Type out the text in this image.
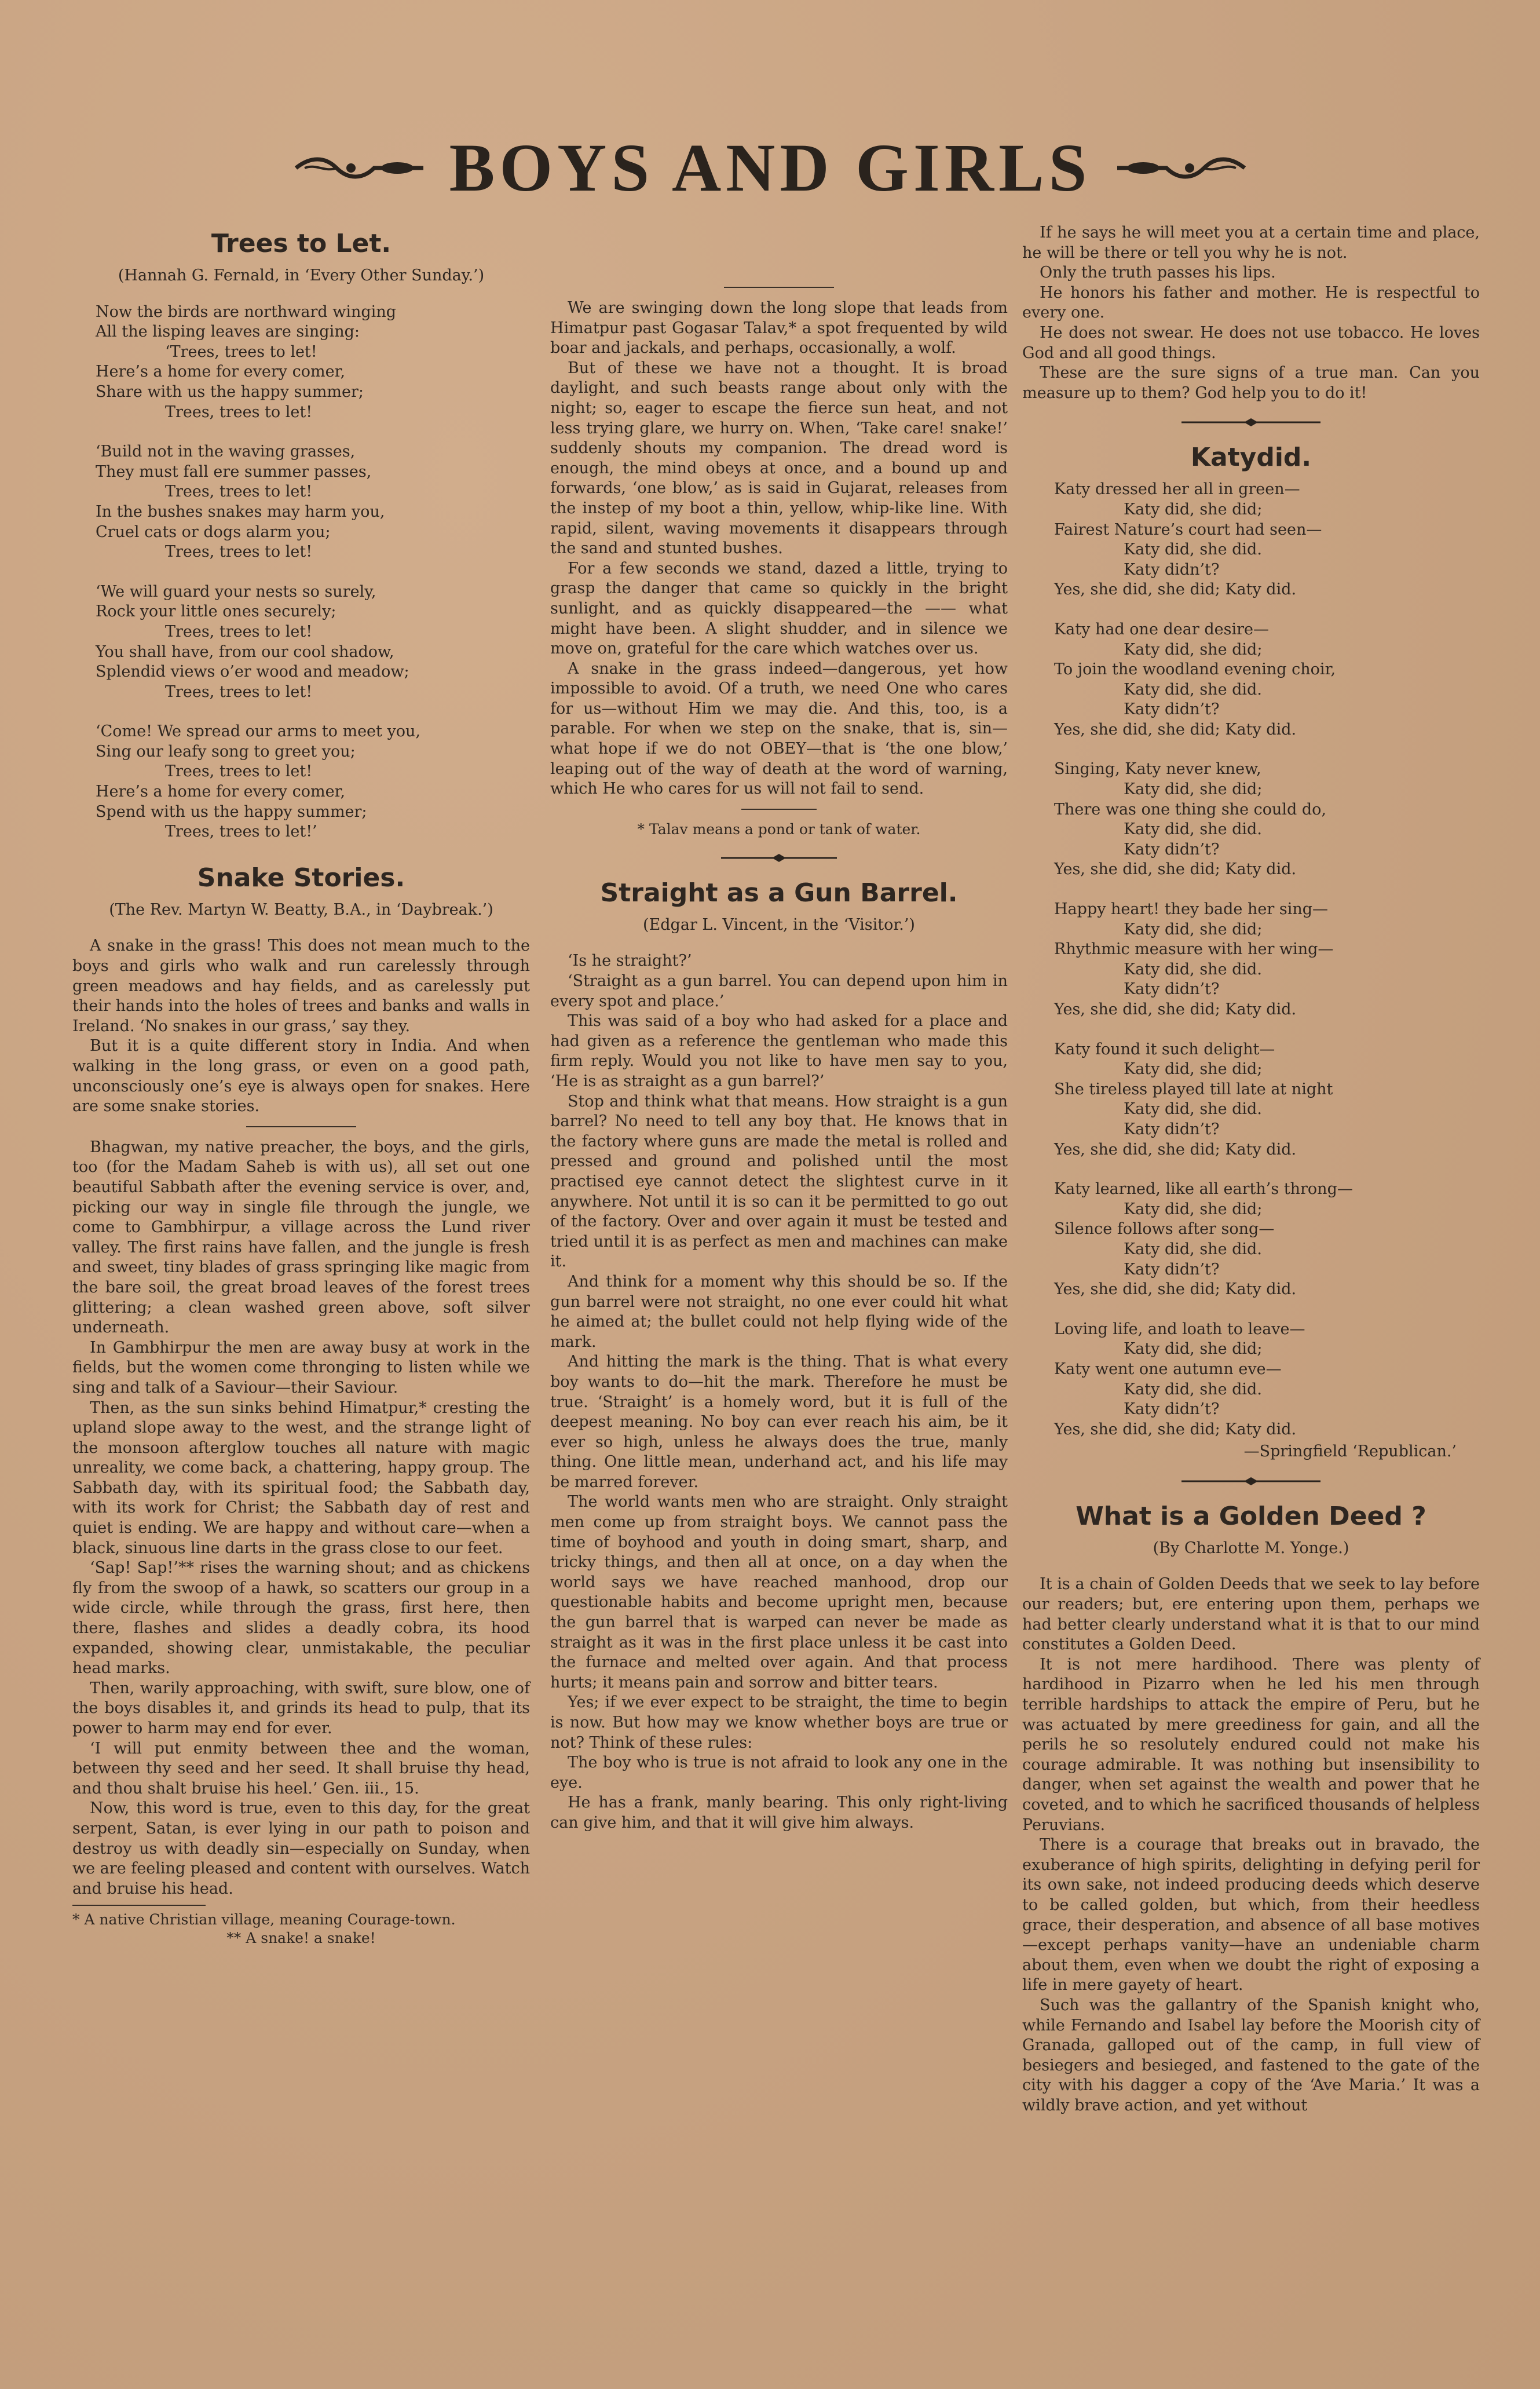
BOYS AND GIRLS
Trees to Let.
(Hannah G. Fernald, in ‘Every Other Sunday.’)
Now the birds are northward winging
All the lisping leaves are singing:
‘Trees, trees to let!
Here’s a home for every comer,
Share with us the happy summer;
Trees, trees to let!
‘Build not in the waving grasses,
They must fall ere summer passes,
Trees, trees to let!
In the bushes snakes may harm you,
Cruel cats or dogs alarm you;
Trees, trees to let!
‘We will guard your nests so surely,
Rock your little ones securely;
Trees, trees to let!
You shall have, from our cool shadow,
Splendid views o’er wood and meadow;
Trees, trees to let!
‘Come! We spread our arms to meet you,
Sing our leafy song to greet you;
Trees, trees to let!
Here’s a home for every comer,
Spend with us the happy summer;
Trees, trees to let!’
Snake Stories.
(The Rev. Martyn W. Beatty, B.A., in ‘Daybreak.’)

A snake in the grass! This does not mean much to the boys and girls who walk and run carelessly through green meadows and hay fields, and as carelessly put their hands into the holes of trees and banks and walls in Ireland. ‘No snakes in our grass,’ say they.

But it is a quite different story in India. And when walking in the long grass, or even on a good path, unconsciously one’s eye is always open for snakes. Here are some snake stories.

Bhagwan, my native preacher, the boys, and the girls, too (for the Madam Saheb is with us), all set out one beautiful Sabbath after the evening service is over, and, picking our way in single file through the jungle, we come to Gambhirpur, a village across the Lund river valley. The first rains have fallen, and the jungle is fresh and sweet, tiny blades of grass springing like magic from the bare soil, the great broad leaves of the forest trees glittering; a clean washed green above, soft silver underneath.

In Gambhirpur the men are away busy at work in the fields, but the women come thronging to listen while we sing and talk of a Saviour—their Saviour.

Then, as the sun sinks behind Himatpur,* cresting the upland slope away to the west, and the strange light of the monsoon afterglow touches all nature with magic unreality, we come back, a chattering, happy group. The Sabbath day, with its spiritual food; the Sabbath day, with its work for Christ; the Sabbath day of rest and quiet is ending. We are happy and without care—when a black, sinuous line darts in the grass close to our feet.

‘Sap! Sap!’** rises the warning shout; and as chickens fly from the swoop of a hawk, so scatters our group in a wide circle, while through the grass, first here, then there, flashes and slides a deadly cobra, its hood expanded, showing clear, unmistakable, the peculiar head marks.

Then, warily approaching, with swift, sure blow, one of the boys disables it, and grinds its head to pulp, that its power to harm may end for ever.

‘I will put enmity between thee and the woman, between thy seed and her seed. It shall bruise thy head, and thou shalt bruise his heel.’ Gen. iii., 15.

Now, this word is true, even to this day, for the great serpent, Satan, is ever lying in our path to poison and destroy us with deadly sin—especially on Sunday, when we are feeling pleased and content with ourselves. Watch and bruise his head.

* A native Christian village, meaning Courage-town.
** A snake! a snake!

We are swinging down the long slope that leads from Himatpur past Gogasar Talav,* a spot frequented by wild boar and jackals, and perhaps, occasionally, a wolf.

But of these we have not a thought. It is broad daylight, and such beasts range about only with the night; so, eager to escape the fierce sun heat, and not less trying glare, we hurry on. When, ‘Take care! snake!’ suddenly shouts my companion. The dread word is enough, the mind obeys at once, and a bound up and forwards, ‘one blow,’ as is said in Gujarat, releases from the instep of my boot a thin, yellow, whip-like line. With rapid, silent, waving movements it disappears through the sand and stunted bushes.

For a few seconds we stand, dazed a little, trying to grasp the danger that came so quickly in the bright sunlight, and as quickly disappeared—the —— what might have been. A slight shudder, and in silence we move on, grateful for the care which watches over us.

A snake in the grass indeed—dangerous, yet how impossible to avoid. Of a truth, we need One who cares for us—without Him we may die. And this, too, is a parable. For when we step on the snake, that is, sin—what hope if we do not OBEY—that is ‘the one blow,’ leaping out of the way of death at the word of warning, which He who cares for us will not fail to send.

* Talav means a pond or tank of water.
Straight as a Gun Barrel.
(Edgar L. Vincent, in the ‘Visitor.’)

‘Is he straight?’

‘Straight as a gun barrel. You can depend upon him in every spot and place.’

This was said of a boy who had asked for a place and had given as a reference the gentleman who made this firm reply. Would you not like to have men say to you, ‘He is as straight as a gun barrel?’

Stop and think what that means. How straight is a gun barrel? No need to tell any boy that. He knows that in the factory where guns are made the metal is rolled and pressed and ground and polished until the most practised eye cannot detect the slightest curve in it anywhere. Not until it is so can it be permitted to go out of the factory. Over and over again it must be tested and tried until it is as perfect as men and machines can make it.

And think for a moment why this should be so. If the gun barrel were not straight, no one ever could hit what he aimed at; the bullet could not help flying wide of the mark.

And hitting the mark is the thing. That is what every boy wants to do—hit the mark. Therefore he must be true. ‘Straight’ is a homely word, but it is full of the deepest meaning. No boy can ever reach his aim, be it ever so high, unless he always does the true, manly thing. One little mean, underhand act, and his life may be marred forever.

The world wants men who are straight. Only straight men come up from straight boys. We cannot pass the time of boyhood and youth in doing smart, sharp, and tricky things, and then all at once, on a day when the world says we have reached manhood, drop our questionable habits and become upright men, because the gun barrel that is warped can never be made as straight as it was in the first place unless it be cast into the furnace and melted over again. And that process hurts; it means pain and sorrow and bitter tears.

Yes; if we ever expect to be straight, the time to begin is now. But how may we know whether boys are true or not? Think of these rules:

The boy who is true is not afraid to look any one in the eye.

He has a frank, manly bearing. This only right-living can give him, and that it will give him always.

If he says he will meet you at a certain time and place, he will be there or tell you why he is not.

Only the truth passes his lips.

He honors his father and mother. He is respectful to every one.

He does not swear. He does not use tobacco. He loves God and all good things.

These are the sure signs of a true man. Can you measure up to them? God help you to do it!

Katydid.
Katy dressed her all in green—
Katy did, she did;
Fairest Nature’s court had seen—
Katy did, she did.
Katy didn’t?
Yes, she did, she did; Katy did.
Katy had one dear desire—
Katy did, she did;
To join the woodland evening choir,
Katy did, she did.
Katy didn’t?
Yes, she did, she did; Katy did.
Singing, Katy never knew,
Katy did, she did;
There was one thing she could do,
Katy did, she did.
Katy didn’t?
Yes, she did, she did; Katy did.
Happy heart! they bade her sing—
Katy did, she did;
Rhythmic measure with her wing—
Katy did, she did.
Katy didn’t?
Yes, she did, she did; Katy did.
Katy found it such delight—
Katy did, she did;
She tireless played till late at night
Katy did, she did.
Katy didn’t?
Yes, she did, she did; Katy did.
Katy learned, like all earth’s throng—
Katy did, she did;
Silence follows after song—
Katy did, she did.
Katy didn’t?
Yes, she did, she did; Katy did.
Loving life, and loath to leave—
Katy did, she did;
Katy went one autumn eve—
Katy did, she did.
Katy didn’t?
Yes, she did, she did; Katy did.
—Springfield ‘Republican.’
What is a Golden Deed ?
(By Charlotte M. Yonge.)

It is a chain of Golden Deeds that we seek to lay before our readers; but, ere entering upon them, perhaps we had better clearly understand what it is that to our mind constitutes a Golden Deed.

It is not mere hardihood. There was plenty of hardihood in Pizarro when he led his men through terrible hardships to attack the empire of Peru, but he was actuated by mere greediness for gain, and all the perils he so resolutely endured could not make his courage admirable. It was nothing but insensibility to danger, when set against the wealth and power that he coveted, and to which he sacrificed thousands of helpless Peruvians.

There is a courage that breaks out in bravado, the exuberance of high spirits, delighting in defying peril for its own sake, not indeed producing deeds which deserve to be called golden, but which, from their heedless grace, their desperation, and absence of all base motives—except perhaps vanity—have an undeniable charm about them, even when we doubt the right of exposing a life in mere gayety of heart.

Such was the gallantry of the Spanish knight who, while Fernando and Isabel lay before the Moorish city of Granada, galloped out of the camp, in full view of besiegers and besieged, and fastened to the gate of the city with his dagger a copy of the ‘Ave Maria.’ It was a wildly brave action, and yet without
